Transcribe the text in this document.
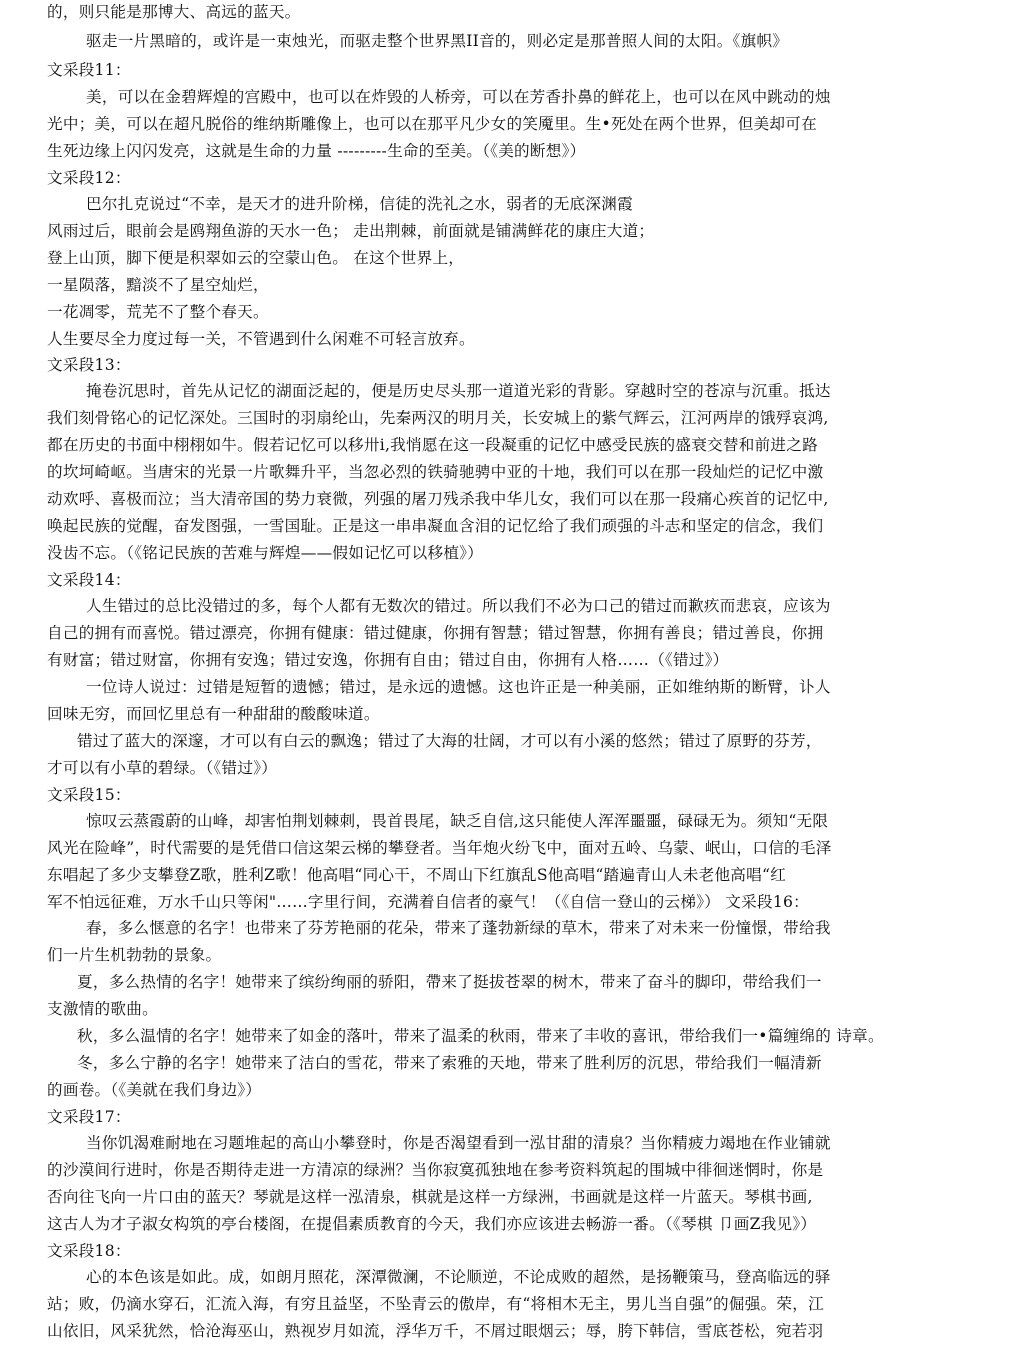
的，则只能是那博大、高远的蓝天。

驱走一片黑暗的，或许是一束烛光，而驱走整个世界黑II音的，则必定是那普照人间的太阳。《旗帜》

文采段11：

美，可以在金碧辉煌的宫殿中，也可以在炸毁的人桥旁，可以在芳香扑鼻的鲜花上，也可以在风中跳动的烛

光中；美，可以在超凡脱俗的维纳斯雕像上，也可以在那平凡少女的笑魇里。生•死处在两个世界，但美却可在

生死边缘上闪闪发亮，这就是生命的力量 ---------生命的至美。（《美的断想》）

文采段12：

巴尔扎克说过“不幸，是天才的进升阶梯，信徒的洗礼之水，弱者的无底深渊霞

风雨过后，眼前会是鸥翔鱼游的天水一色； 走出荆棘，前面就是铺满鲜花的康庄大道；

登上山顶，脚下便是积翠如云的空蒙山色。 在这个世界上，

一星陨落，黯淡不了星空灿烂，

一花凋零，荒芜不了整个春天。

人生要尽全力度过每一关，不管遇到什么闲难不可轻言放弃。

文采段13：

掩卷沉思时，首先从记忆的湖面泛起的，便是历史尽头那一道道光彩的背影。穿越时空的苍凉与沉重。抵达

我们刻骨铭心的记忆深处。三国时的羽扇纶山，先秦两汉的明月关，长安城上的紫气辉云，江河两岸的饿殍哀鸿,

都在历史的书面中栩栩如牛。假若记忆可以移卅i,我悄愿在这一段凝重的记忆中感受民族的盛衰交替和前进之路

的坎坷崎岖。当唐宋的光景一片歌舞升平，当忽必烈的铁骑驰骋中亚的十地，我们可以在那一段灿烂的记忆中激

动欢呼、喜极而泣；当大清帝国的势力衰微，列强的屠刀残杀我中华儿女，我们可以在那一段痛心疾首的记忆中,

唤起民族的觉醒，奋发图强，一雪国耻。正是这一串串凝血含泪的记忆给了我们顽强的斗志和坚定的信念，我们

没齿不忘。（《铭记民族的苦难与辉煌——假如记忆可以移植》）

文采段14：

人生错过的总比没错过的多，每个人都有无数次的错过。所以我们不必为口己的错过而歉疚而悲哀，应该为

自己的拥有而喜悦。错过漂亮，你拥有健康：错过健康，你拥有智慧；错过智慧，你拥有善良；错过善良，你拥

有财富；错过财富，你拥有安逸；错过安逸，你拥有自由；错过自由，你拥有人格……（《错过》）

一位诗人说过：过错是短暂的遗憾；错过，是永远的遗憾。这也许正是一种美丽，正如维纳斯的断臂，讣人

回味无穷，而回忆里总有一种甜甜的酸酸味道。

错过了蓝大的深邃，才可以有白云的飘逸；错过了大海的壮阔，才可以有小溪的悠然；错过了原野的芬芳，

才可以有小草的碧绿。（《错过》）

文采段15：

惊叹云蒸霞蔚的山峰，却害怕荆划棘刺，畏首畏尾，缺乏自信,这只能使人浑浑噩噩，碌碌无为。须知“无限

风光在险峰”，时代需要的是凭借口信这架云梯的攀登者。当年炮火纷飞中，面对五岭、乌蒙、岷山，口信的毛泽

东唱起了多少支攀登Z歌，胜利Z歌！他高唱“同心干，不周山下红旗乱S他高唱“踏遍青山人未老他高唱“红

军不怕远征难，万水千山只等闲"……字里行间，充满着自信者的豪气！（《自信一登山的云梯》） 文采段16：

春，多么惬意的名字！也带来了芬芳艳丽的花朵，带来了蓬勃新绿的草木，带来了对未来一份憧憬，带给我

们一片生机勃勃的景象。

夏，多么热情的名字！她带来了缤纷绚丽的骄阳，帶来了挺拔苍翠的树木，带来了奋斗的脚印，带给我们一

支激情的歌曲。

秋，多么温情的名字！她带来了如金的落叶，带来了温柔的秋雨，带来了丰收的喜讯，带给我们一•篇缠绵的 诗章。

冬，多么宁静的名字！她带来了洁白的雪花，带来了索雅的天地，带来了胜利厉的沉思，带给我们一幅清新

的画卷。（《美就在我们身边》）

文采段17：

当你饥渴难耐地在习题堆起的高山小攀登时，你是否渴望看到一泓甘甜的清泉？当你精疲力竭地在作业铺就

的沙漠间行进时，你是否期待走进一方清凉的绿洲？当你寂寞孤独地在参考资料筑起的围城中徘徊迷惘时，你是

否向往飞向一片口由的蓝天？琴就是这样一泓清泉，棋就是这样一方绿洲，书画就是这样一片蓝天。琴棋书画,

这古人为才子淑女构筑的亭台楼阁，在提倡素质教育的今天，我们亦应该进去畅游一番。（《琴棋 卩画Z我见》）

文采段18：

心的本色该是如此。成，如朗月照花，深潭微澜，不论顺逆，不论成败的超然，是扬鞭策马，登高临远的驿

站；败，仍滴水穿石，汇流入海，有穷且益坚，不坠青云的傲岸，有“将相木无主，男儿当自强”的倔强。荣，江

山依旧，风采犹然，恰沧海巫山，熟视岁月如流，浮华万千，不屑过眼烟云；辱，胯下韩信，雪底苍松，宛若羽
